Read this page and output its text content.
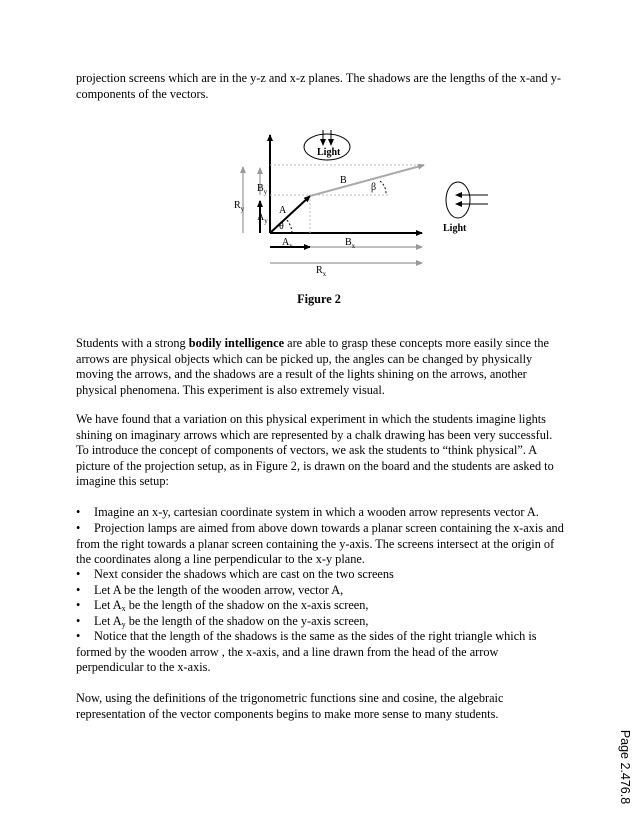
projection screens which are in the y-z and x-z planes. The shadows are the lengths of the x-and y-components of the vectors.

Light
Light
B
A
β
θ
$R_y$
$B_y$
$A_y$
$A_x$	$B_x$
$R_x$
Figure 2

Students with a strong bodily intelligence are able to grasp these concepts more easily since the arrows are physical objects which can be picked up, the angles can be changed by physically moving the arrows, and the shadows are a result of the lights shining on the arrows, another physical phenomena. This experiment is also extremely visual.

We have found that a variation on this physical experiment in which the students imagine lights shining on imaginary arrows which are represented by a chalk drawing has been very successful. To introduce the concept of components of vectors, we ask the students to “think physical”. A picture of the projection setup, as in Figure 2, is drawn on the board and the students are asked to imagine this setup:

• Imagine an x-y, cartesian coordinate system in which a wooden arrow represents vector A.
• Projection lamps are aimed from above down towards a planar screen containing the x-axis and from the right towards a planar screen containing the y-axis. The screens intersect at the origin of the coordinates along a line perpendicular to the x-y plane.
• Next consider the shadows which are cast on the two screens
• Let A be the length of the wooden arrow, vector A,
• Let $A_x$ be the length of the shadow on the x-axis screen,
• Let $A_y$ be the length of the shadow on the y-axis screen,
• Notice that the length of the shadows is the same as the sides of the right triangle which is formed by the wooden arrow , the x-axis, and a line drawn from the head of the arrow perpendicular to the x-axis.

Now, using the definitions of the trigonometric functions sine and cosine, the algebraic representation of the vector components begins to make more sense to many students.

Page 2.476.8
